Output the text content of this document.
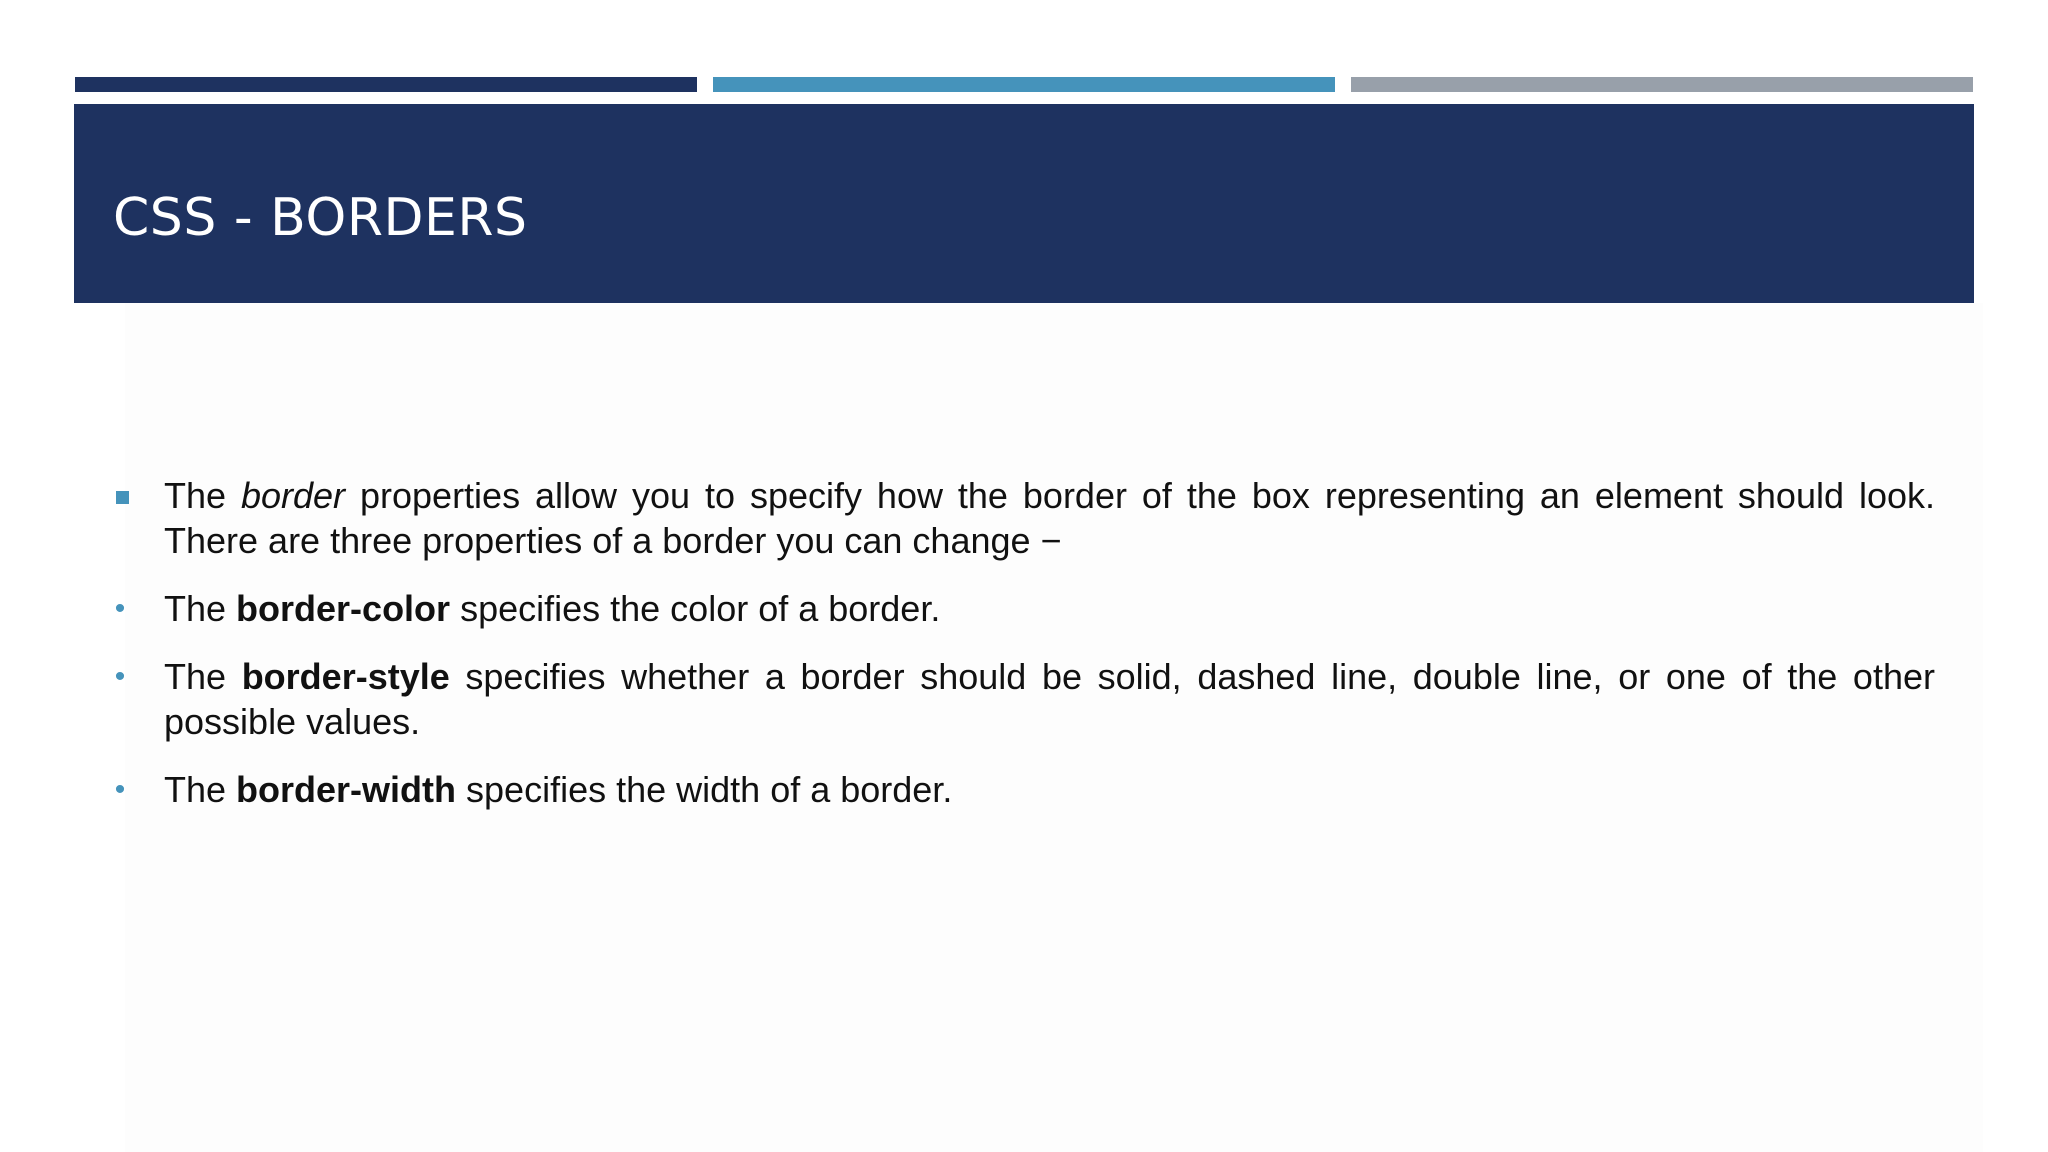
CSS - BORDERS
The border properties allow you to specify how the border of the box representing an element should look. There are three properties of a border you can change −
• The border-color specifies the color of a border.
• The border-style specifies whether a border should be solid, dashed line, double line, or one of the other possible values.
• The border-width specifies the width of a border.
